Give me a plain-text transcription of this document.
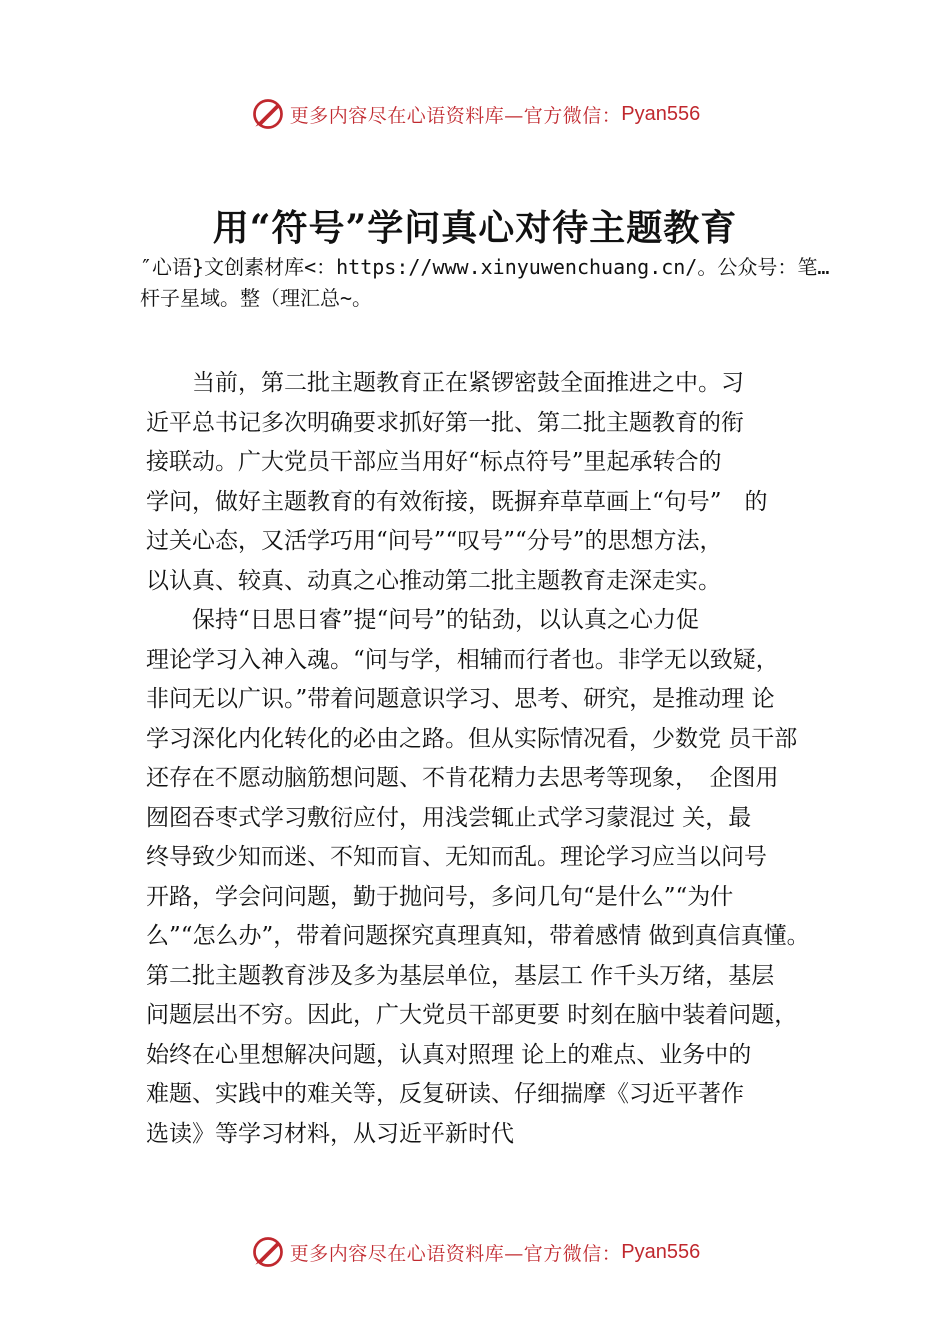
更多内容尽在心语资料库—官方微信： Pyan556
用“符号”学问真心对待主题教育
″心语}文创素材库<：https://www.xinyuwenchuang.cn/。公众号：笔…杆子星域。整（理汇总~。
　　当前，第二批主题教育正在紧锣密鼓全面推进之中。习
近平总书记多次明确要求抓好第一批、第二批主题教育的衔
接联动。广大党员干部应当用好“标点符号”里起承转合的
学问，做好主题教育的有效衔接，既摒弃草草画上“句号”　的
过关心态，又活学巧用“问号”“叹号”“分号”的思想方法，
以认真、较真、动真之心推动第二批主题教育走深走实。
　　保持“日思日睿”提“问号”的钻劲，以认真之心力促
理论学习入神入魂。“问与学，相辅而行者也。非学无以致疑，
非问无以广识。”带着问题意识学习、思考、研究，是推动理 论
学习深化内化转化的必由之路。但从实际情况看，少数党 员干部
还存在不愿动脑筋想问题、不肯花精力去思考等现象，　企图用
囫囵吞枣式学习敷衍应付，用浅尝辄止式学习蒙混过 关，最
终导致少知而迷、不知而盲、无知而乱。理论学习应当以问号
开路，学会问问题，勤于抛问号，多问几句“是什么”“为什
么”“怎么办”，带着问题探究真理真知，带着感情 做到真信真懂。
第二批主题教育涉及多为基层单位，基层工 作千头万绪，基层
问题层出不穷。因此，广大党员干部更要 时刻在脑中装着问题，
始终在心里想解决问题，认真对照理 论上的难点、业务中的
难题、实践中的难关等，反复研读、仔细揣摩《习近平著作
选读》等学习材料，从习近平新时代
更多内容尽在心语资料库—官方微信： Pyan556
